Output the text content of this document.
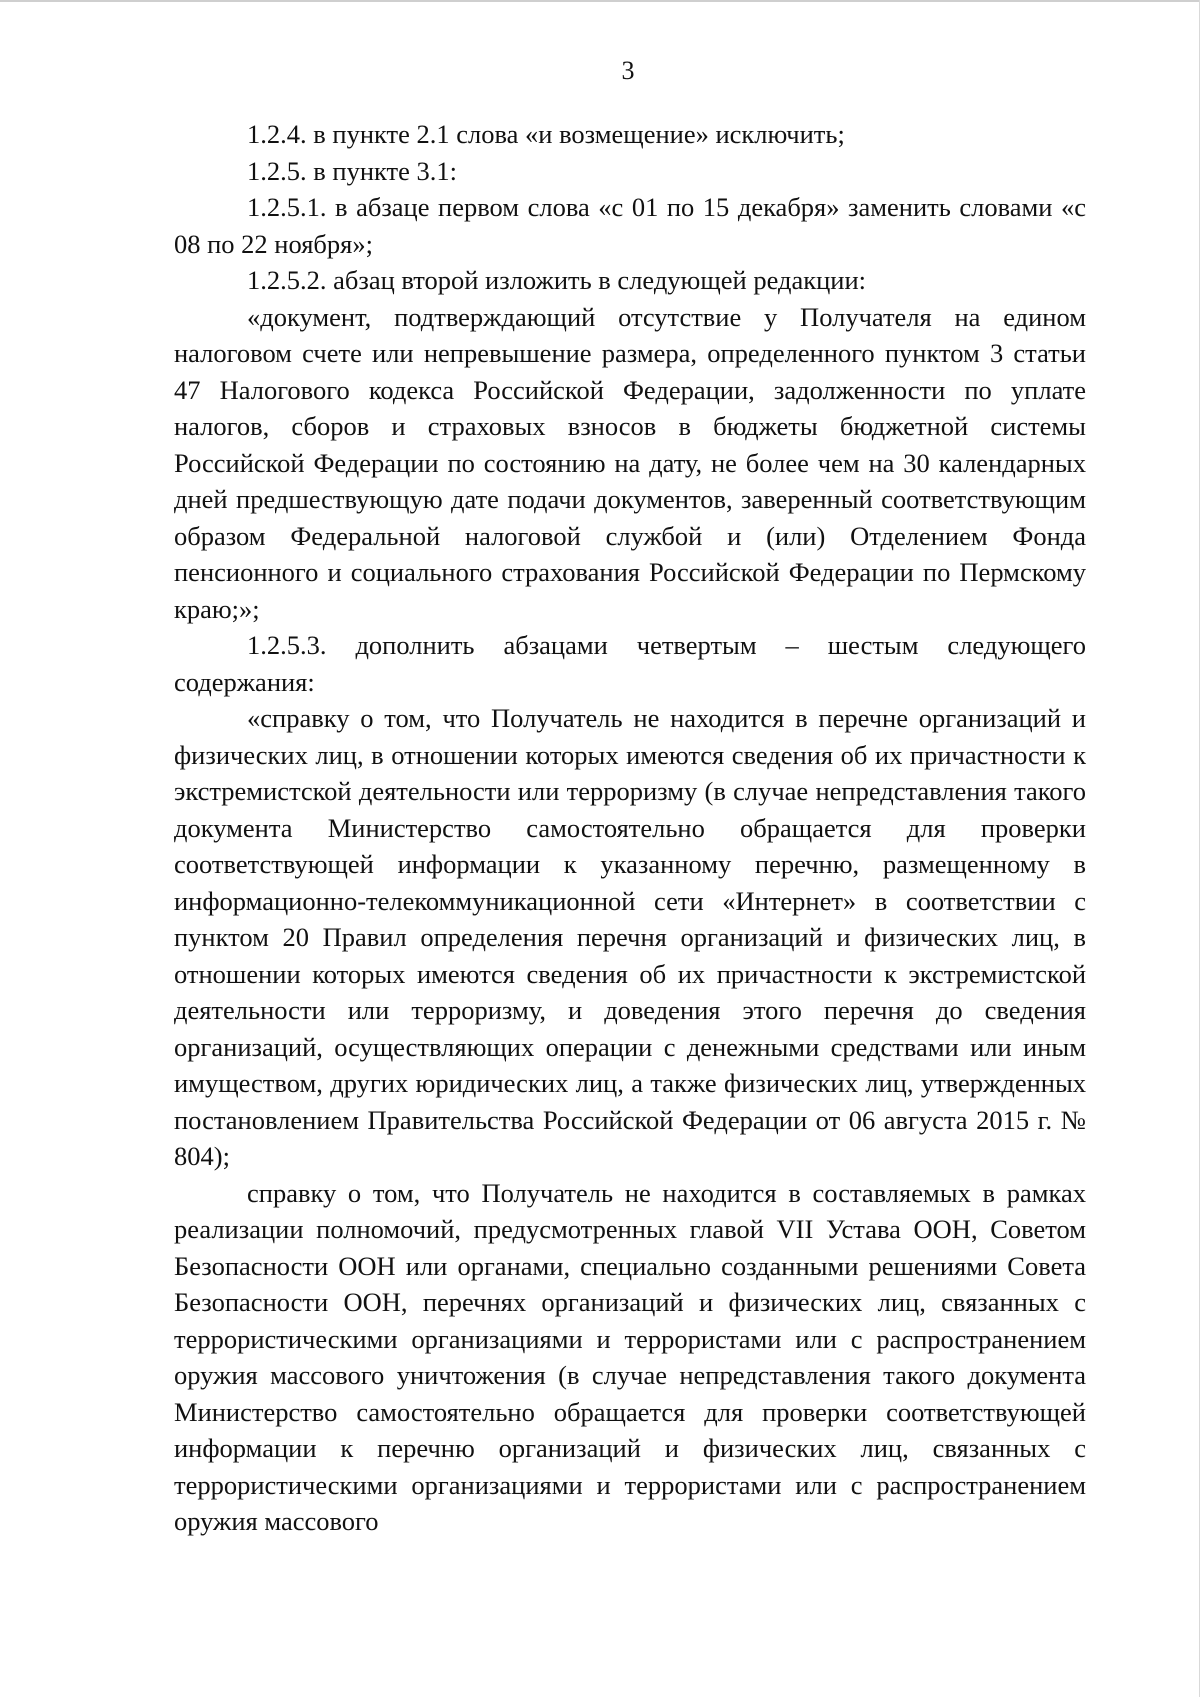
3

1.2.4. в пункте 2.1 слова «и возмещение» исключить;

1.2.5. в пункте 3.1:

1.2.5.1. в абзаце первом слова «с 01 по 15 декабря» заменить словами «с 08 по 22 ноября»;

1.2.5.2. абзац второй изложить в следующей редакции:

«документ, подтверждающий отсутствие у Получателя на едином налоговом счете или непревышение размера, определенного пунктом 3 статьи 47 Налогового кодекса Российской Федерации, задолженности по уплате налогов, сборов и страховых взносов в бюджеты бюджетной системы Российской Федерации по состоянию на дату, не более чем на 30 календарных дней предшествующую дате подачи документов, заверенный соответствующим образом Федеральной налоговой службой и (или) Отделением Фонда пенсионного и социального страхования Российской Федерации по Пермскому краю;»;

1.2.5.3. дополнить абзацами четвертым – шестым следующего содержания:

«справку о том, что Получатель не находится в перечне организаций и физических лиц, в отношении которых имеются сведения об их причастности к экстремистской деятельности или терроризму (в случае непредставления такого документа Министерство самостоятельно обращается для проверки соответствующей информации к указанному перечню, размещенному в информационно-телекоммуникационной сети «Интернет» в соответствии с пунктом 20 Правил определения перечня организаций и физических лиц, в отношении которых имеются сведения об их причастности к экстремистской деятельности или терроризму, и доведения этого перечня до сведения организаций, осуществляющих операции с денежными средствами или иным имуществом, других юридических лиц, а также физических лиц, утвержденных постановлением Правительства Российской Федерации от 06 августа 2015 г. № 804);

справку о том, что Получатель не находится в составляемых в рамках реализации полномочий, предусмотренных главой VII Устава ООН, Советом Безопасности ООН или органами, специально созданными решениями Совета Безопасности ООН, перечнях организаций и физических лиц, связанных с террористическими организациями и террористами или с распространением оружия массового уничтожения (в случае непредставления такого документа Министерство самостоятельно обращается для проверки соответствующей информации к перечню организаций и физических лиц, связанных с террористическими организациями и террористами или с распространением оружия массового
